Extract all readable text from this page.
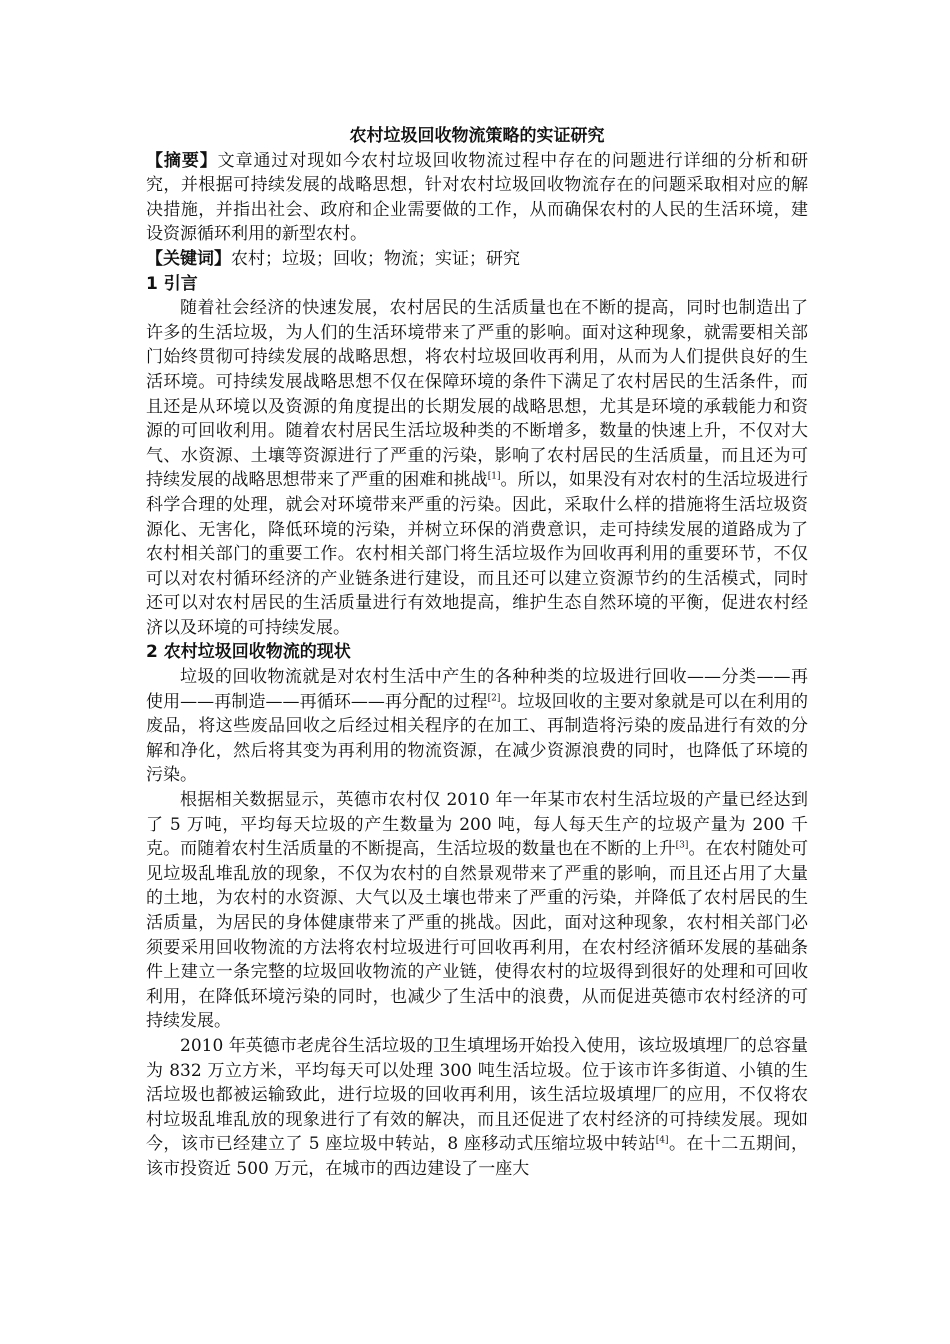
农村垃圾回收物流策略的实证研究

【摘要】文章通过对现如今农村垃圾回收物流过程中存在的问题进行详细的分析和研究，并根据可持续发展的战略思想，针对农村垃圾回收物流存在的问题采取相对应的解决措施，并指出社会、政府和企业需要做的工作，从而确保农村的人民的生活环境，建设资源循环利用的新型农村。

【关键词】农村；垃圾；回收；物流；实证；研究

1 引言

随着社会经济的快速发展，农村居民的生活质量也在不断的提高，同时也制造出了许多的生活垃圾，为人们的生活环境带来了严重的影响。面对这种现象，就需要相关部门始终贯彻可持续发展的战略思想，将农村垃圾回收再利用，从而为人们提供良好的生活环境。可持续发展战略思想不仅在保障环境的条件下满足了农村居民的生活条件，而且还是从环境以及资源的角度提出的长期发展的战略思想，尤其是环境的承载能力和资源的可回收利用。随着农村居民生活垃圾种类的不断增多，数量的快速上升，不仅对大气、水资源、土壤等资源进行了严重的污染，影响了农村居民的生活质量，而且还为可持续发展的战略思想带来了严重的困难和挑战[1]。所以，如果没有对农村的生活垃圾进行科学合理的处理，就会对环境带来严重的污染。因此，采取什么样的措施将生活垃圾资源化、无害化，降低环境的污染，并树立环保的消费意识，走可持续发展的道路成为了农村相关部门的重要工作。农村相关部门将生活垃圾作为回收再利用的重要环节，不仅可以对农村循环经济的产业链条进行建设，而且还可以建立资源节约的生活模式，同时还可以对农村居民的生活质量进行有效地提高，维护生态自然环境的平衡，促进农村经济以及环境的可持续发展。

2 农村垃圾回收物流的现状

垃圾的回收物流就是对农村生活中产生的各种种类的垃圾进行回收——分类——再使用——再制造——再循环——再分配的过程[2]。垃圾回收的主要对象就是可以在利用的废品，将这些废品回收之后经过相关程序的在加工、再制造将污染的废品进行有效的分解和净化，然后将其变为再利用的物流资源，在减少资源浪费的同时，也降低了环境的污染。

根据相关数据显示，英德市农村仅 2010 年一年某市农村生活垃圾的产量已经达到了 5 万吨，平均每天垃圾的产生数量为 200 吨，每人每天生产的垃圾产量为 200 千克。而随着农村生活质量的不断提高，生活垃圾的数量也在不断的上升[3]。在农村随处可见垃圾乱堆乱放的现象，不仅为农村的自然景观带来了严重的影响，而且还占用了大量的土地，为农村的水资源、大气以及土壤也带来了严重的污染，并降低了农村居民的生活质量，为居民的身体健康带来了严重的挑战。因此，面对这种现象，农村相关部门必须要采用回收物流的方法将农村垃圾进行可回收再利用，在农村经济循环发展的基础条件上建立一条完整的垃圾回收物流的产业链，使得农村的垃圾得到很好的处理和可回收利用，在降低环境污染的同时，也减少了生活中的浪费，从而促进英德市农村经济的可持续发展。

2010 年英德市老虎谷生活垃圾的卫生填埋场开始投入使用，该垃圾填埋厂的总容量为 832 万立方米，平均每天可以处理 300 吨生活垃圾。位于该市许多街道、小镇的生活垃圾也都被运输致此，进行垃圾的回收再利用，该生活垃圾填埋厂的应用，不仅将农村垃圾乱堆乱放的现象进行了有效的解决，而且还促进了农村经济的可持续发展。现如今，该市已经建立了 5 座垃圾中转站，8 座移动式压缩垃圾中转站[4]。在十二五期间，该市投资近 500 万元，在城市的西边建设了一座大
